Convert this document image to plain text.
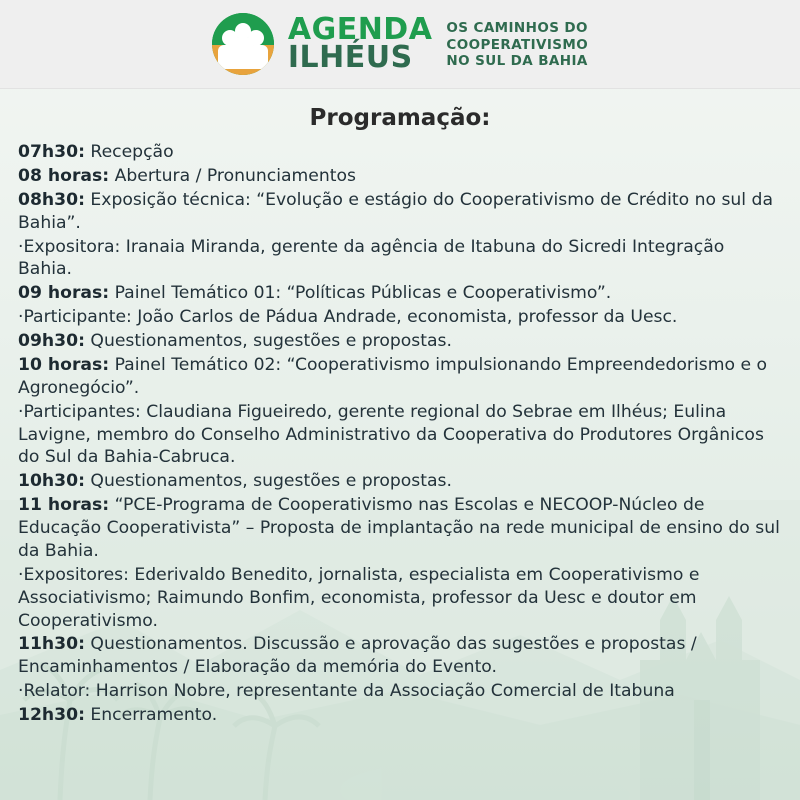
AGENDA
ILHÉUS
OS CAMINHOS DO
COOPERATIVISMO
NO SUL DA BAHIA
Programação:

07h30: Recepção

08 horas: Abertura / Pronunciamentos

08h30: Exposição técnica: “Evolução e estágio do Cooperativismo de Crédito no sul da Bahia”.

·Expositora: Iranaia Miranda, gerente da agência de Itabuna do Sicredi Integração Bahia.

09 horas: Painel Temático 01: “Políticas Públicas e Cooperativismo”.

·Participante: João Carlos de Pádua Andrade, economista, professor da Uesc.

09h30: Questionamentos, sugestões e propostas.

10 horas: Painel Temático 02: “Cooperativismo impulsionando Empreendedorismo e o Agronegócio”.

·Participantes: Claudiana Figueiredo, gerente regional do Sebrae em Ilhéus; Eulina Lavigne, membro do Conselho Administrativo da Cooperativa do Produtores Orgânicos do Sul da Bahia-Cabruca.

10h30: Questionamentos, sugestões e propostas.

11 horas: “PCE-Programa de Cooperativismo nas Escolas e NECOOP-Núcleo de Educação Cooperativista” – Proposta de implantação na rede municipal de ensino do sul da Bahia.

·Expositores: Ederivaldo Benedito, jornalista, especialista em Cooperativismo e Associativismo; Raimundo Bonfim, economista, professor da Uesc e doutor em Cooperativismo.

11h30: Questionamentos. Discussão e aprovação das sugestões e propostas / Encaminhamentos / Elaboração da memória do Evento.

·Relator: Harrison Nobre, representante da Associação Comercial de Itabuna

12h30: Encerramento.
